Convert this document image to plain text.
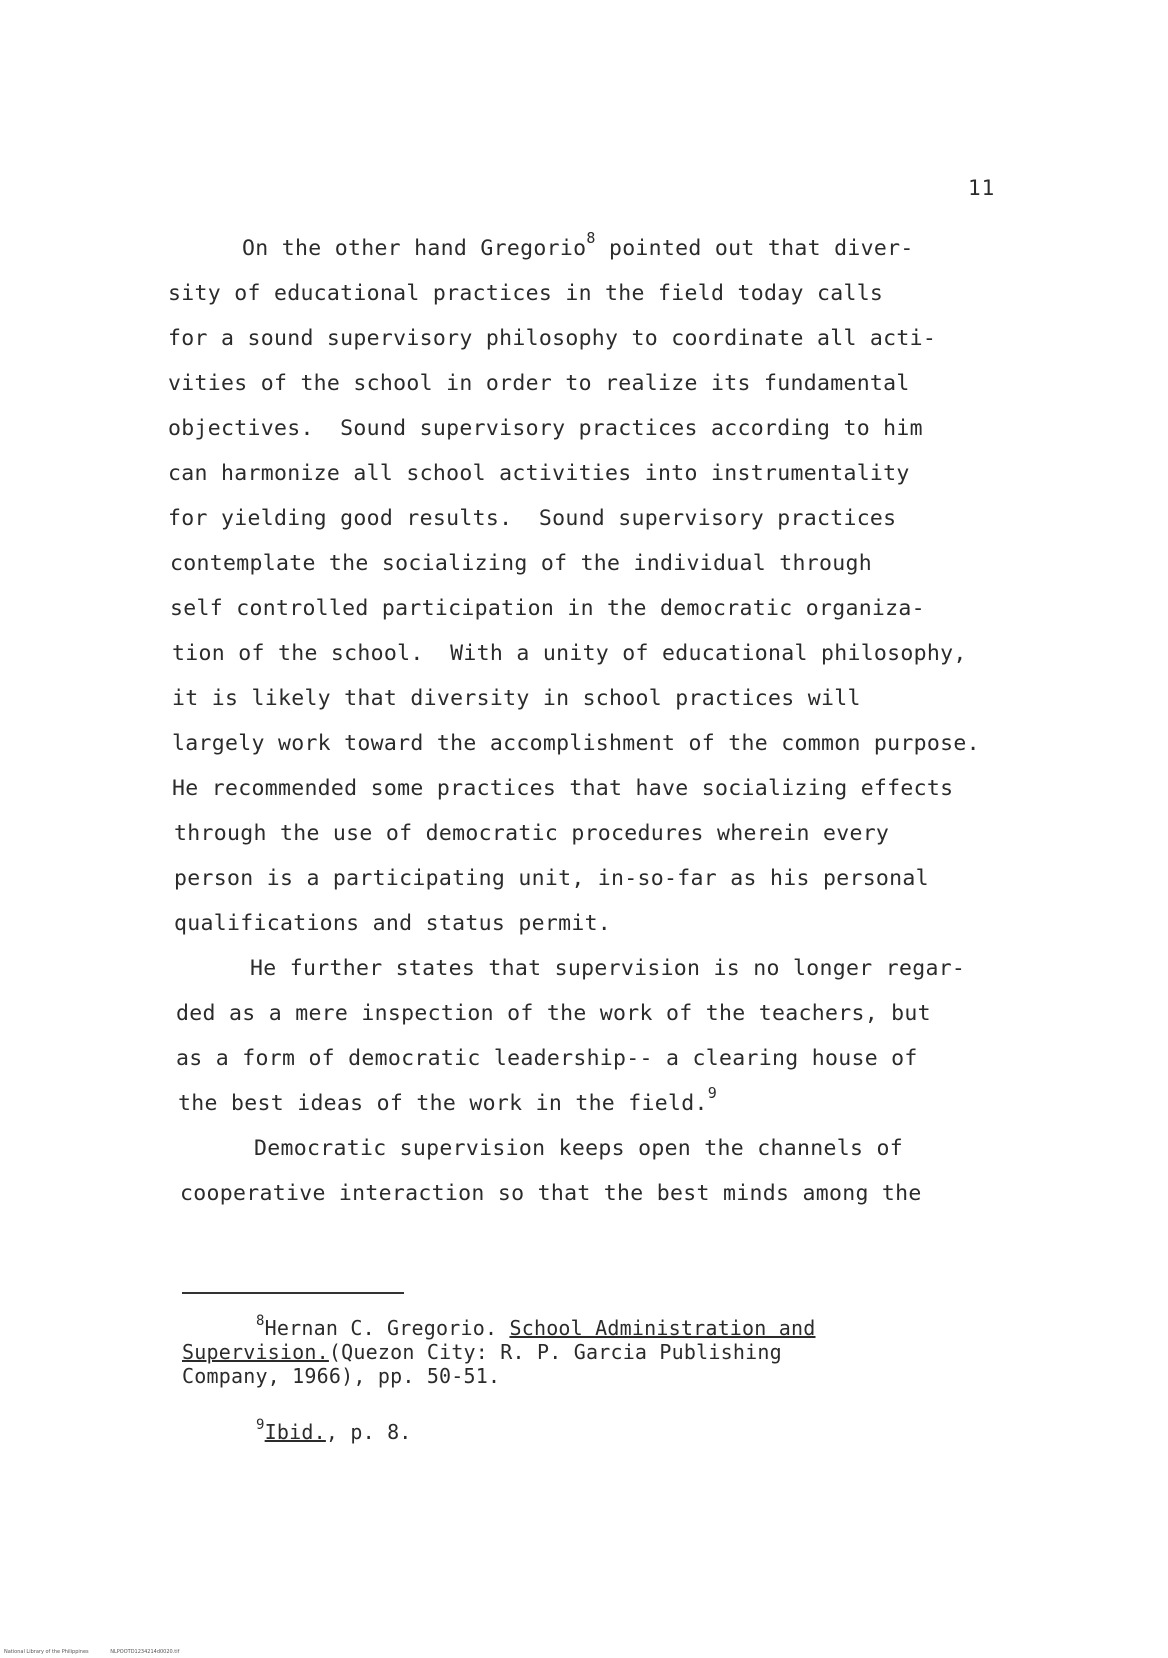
11
On the other hand Gregorio$^8$ pointed out that diver-
sity of educational practices in the field today calls
for a sound supervisory philosophy to coordinate all acti-
vities of the school in order to realize its fundamental
objectives.  Sound supervisory practices according to him
can harmonize all school activities into instrumentality
for yielding good results.  Sound supervisory practices
contemplate the socializing of the individual through
self controlled participation in the democratic organiza-
tion of the school.  With a unity of educational philosophy,
it is likely that diversity in school practices will
largely work toward the accomplishment of the common purpose.
He recommended some practices that have socializing effects
through the use of democratic procedures wherein every
person is a participating unit, in-so-far as his personal
qualifications and status permit.
He further states that supervision is no longer regar-
ded as a mere inspection of the work of the teachers, but
as a form of democratic leadership-- a clearing house of
the best ideas of the work in the field.$^9$
Democratic supervision keeps open the channels of
cooperative interaction so that the best minds among the
$^8$Hernan C. Gregorio. School Administration and
Supervision.(Quezon City: R. P. Garcia Publishing
Company, 1966), pp. 50-51.
$^9$Ibid., p. 8.
National Library of the Philippines	NLPOOTD1234214d0020.tif
